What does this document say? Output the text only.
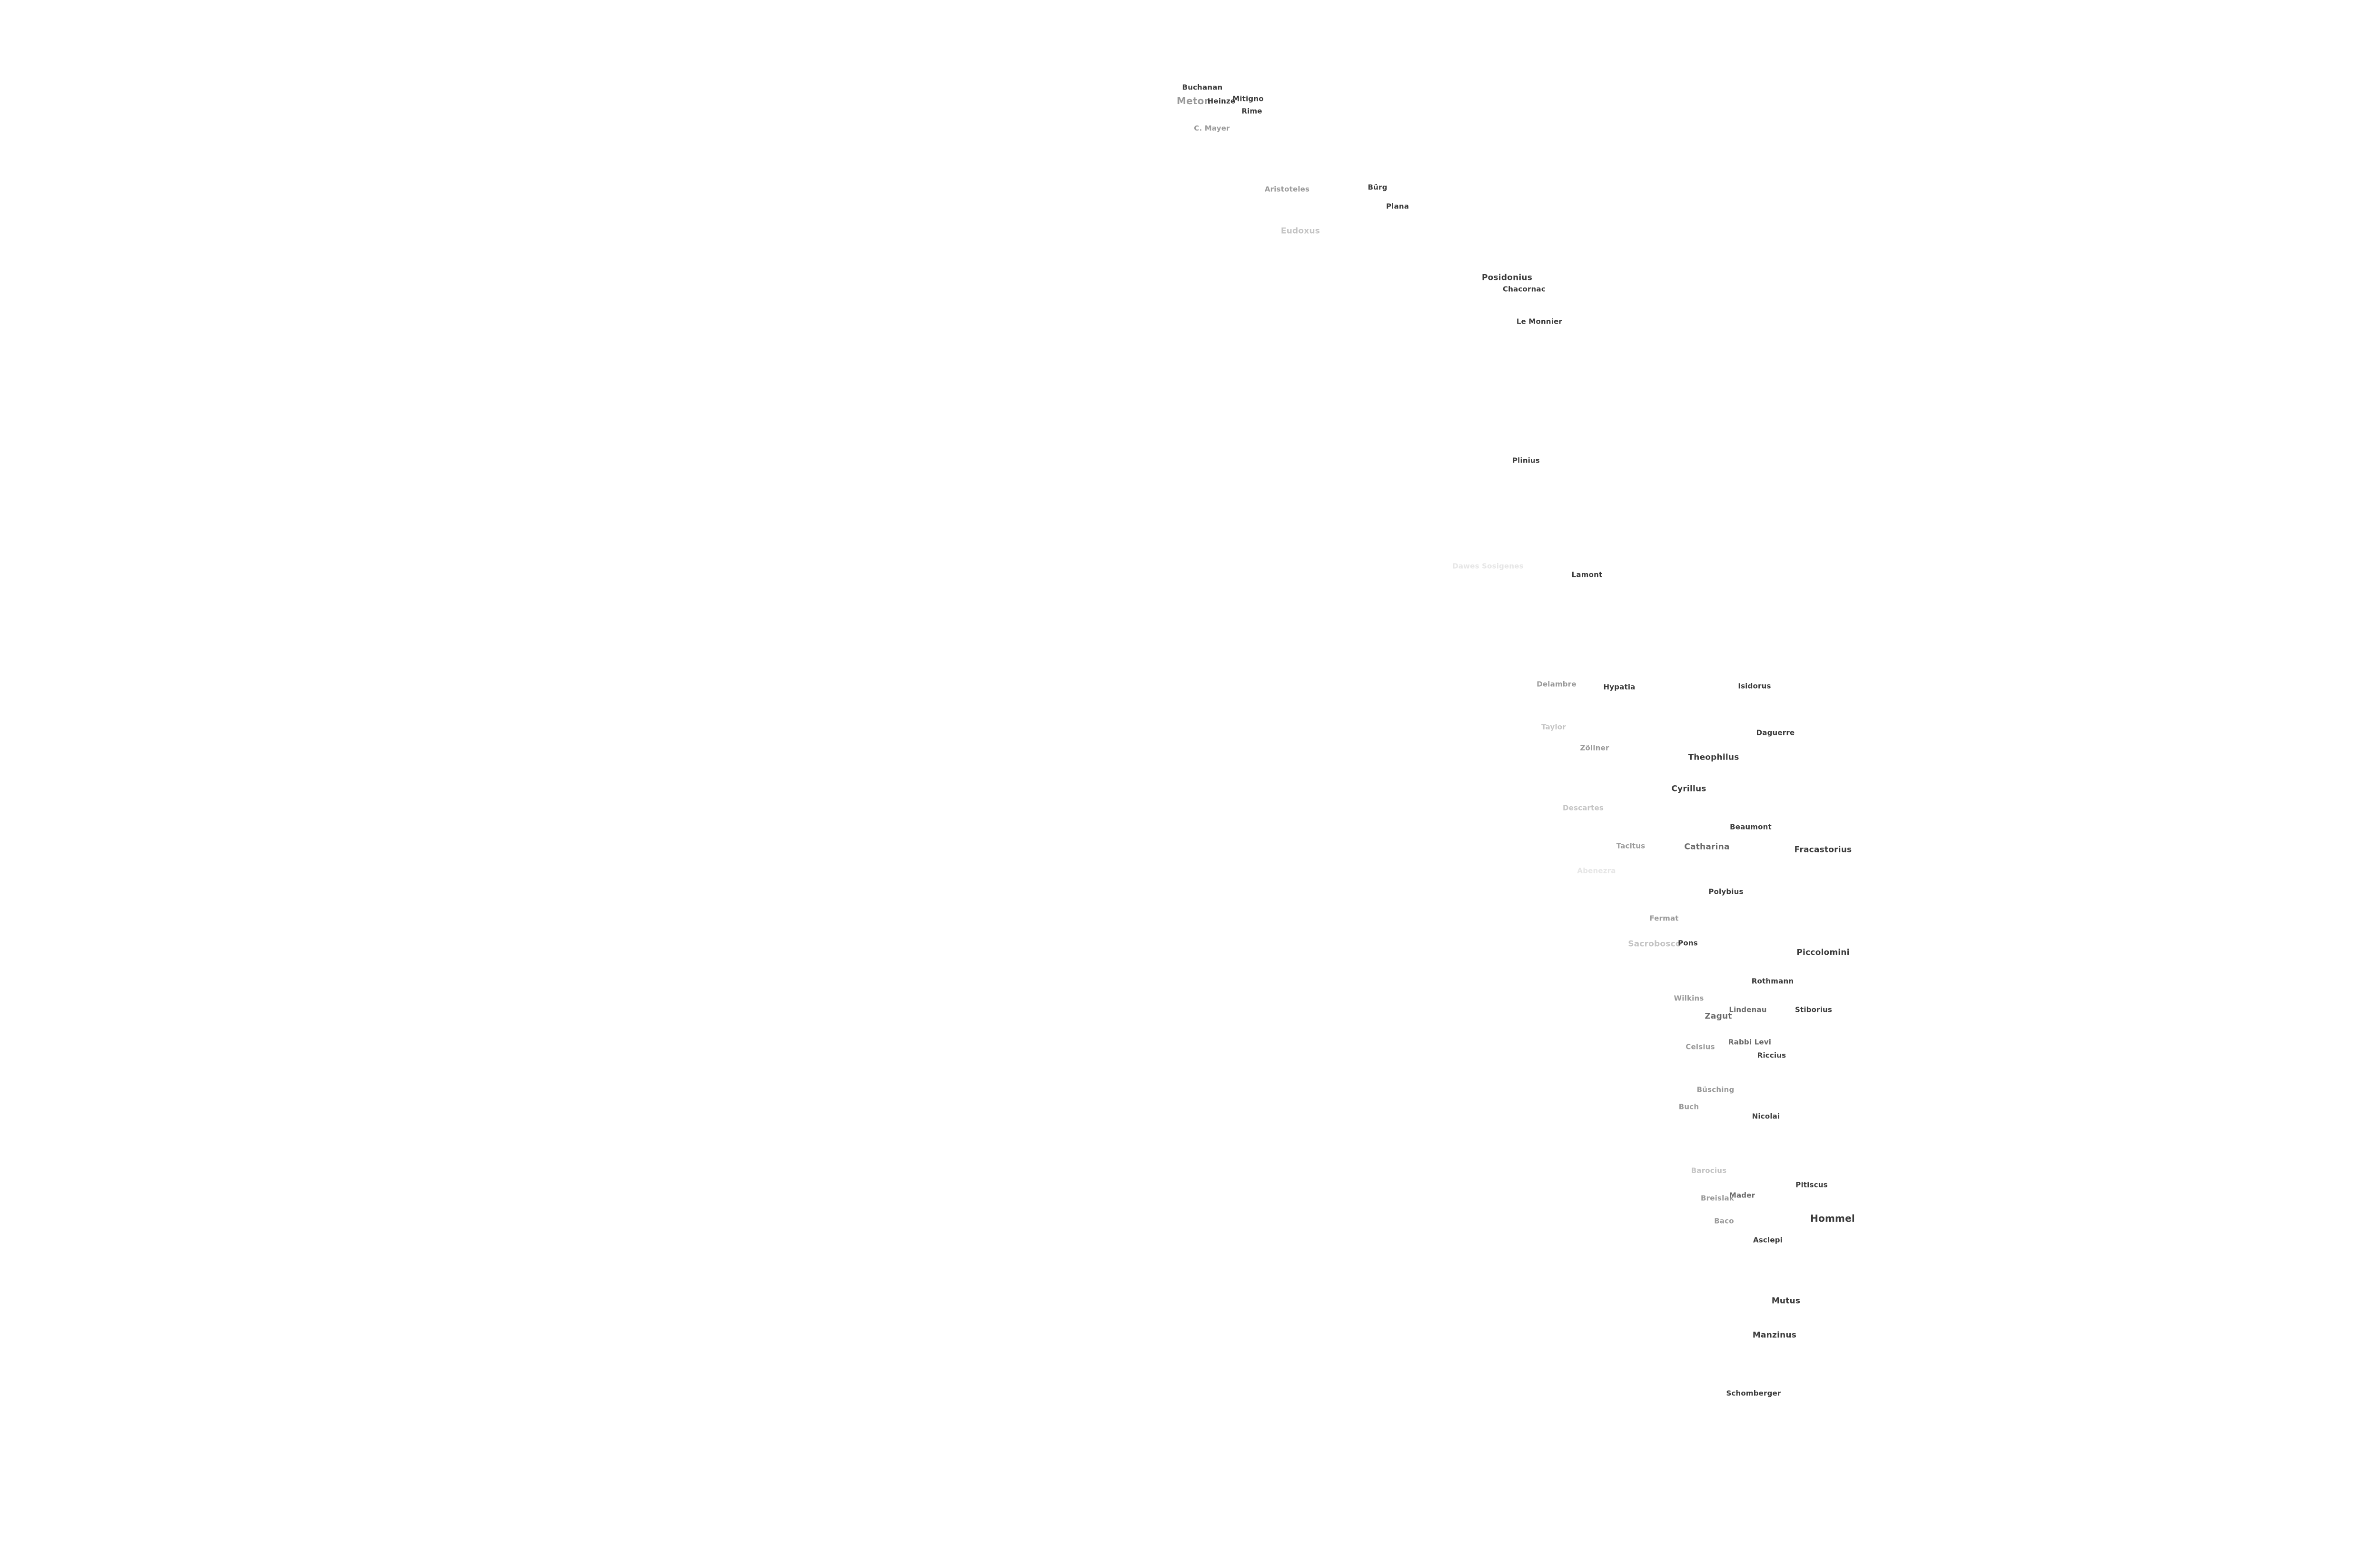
Buchanan
Meton
Heinze
Mitigno
Rime
C. Mayer
Aristoteles	Bürg
Plana
Eudoxus
Posidonius
Chacornac
Le Monnier
Plinius
Dawes Sosigenes
Lamont
Delambre	Hypatia	Isidorus
Taylor
Zöllner
Daguerre
Theophilus
Cyrillus
Descartes
Beaumont
Tacitus	Catharina	Fracastorius
Abenezra
Polybius
Fermat
Sacrobosco
Pons
Piccolomini
Rothmann
Wilkins
Zagut
Lindenau	Stiborius
Celsius
Rabbi Levi
Riccius
Büsching
Buch
Nicolai
Barocius
Pitiscus
Breislak
Mader
Baco	Hommel
Asclepi
Mutus
Manzinus
Schomberger
